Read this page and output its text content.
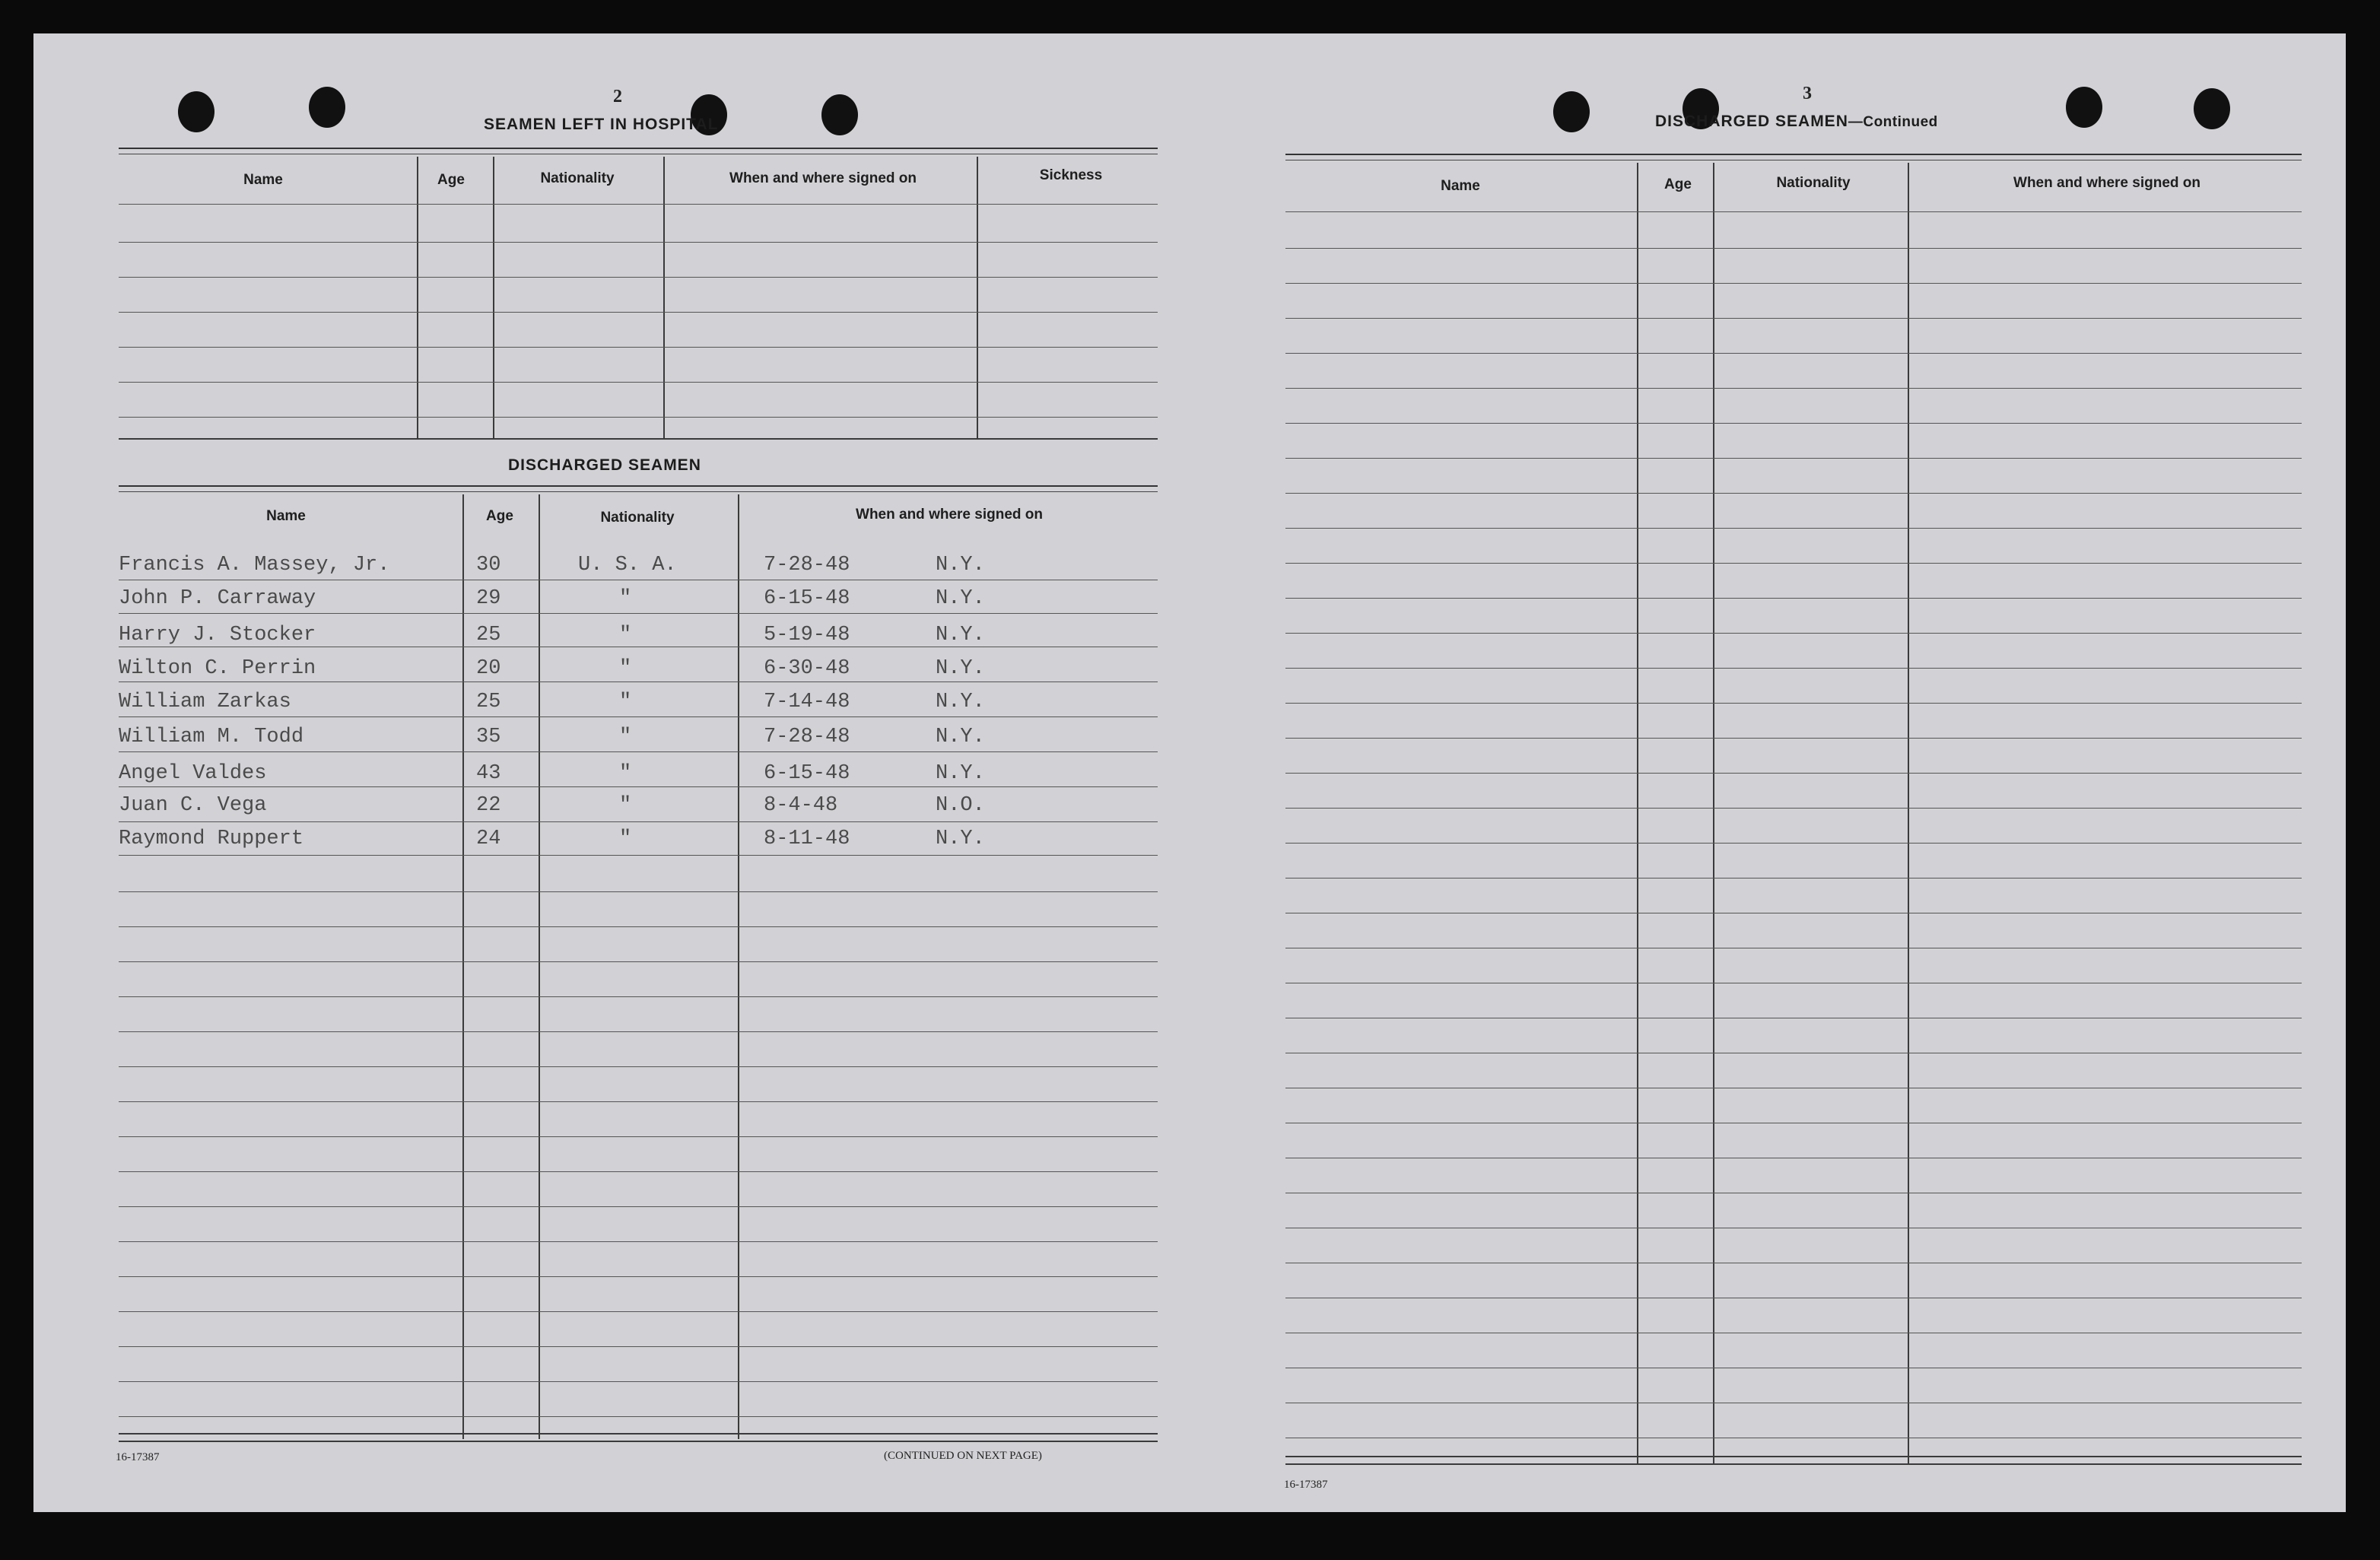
2
SEAMEN LEFT IN HOSPITAL
Name	Age	Nationality	When and where signed on	Sickness
DISCHARGED SEAMEN
Name	Age	Nationality	When and where signed on
Francis A. Massey, Jr.	30	U. S. A.	7-28-48	N.Y.
John P. Carraway	29	"	6-15-48	N.Y.
Harry J. Stocker	25	"	5-19-48	N.Y.
Wilton C. Perrin	20	"	6-30-48	N.Y.
William Zarkas	25	"	7-14-48	N.Y.
William M. Todd	35	"	7-28-48	N.Y.
Angel Valdes	43	"	6-15-48	N.Y.
Juan C. Vega	22	"	8-4-48	N.O.
Raymond Ruppert	24	"	8-11-48	N.Y.
16-17387	(CONTINUED ON NEXT PAGE)
3
DISCHARGED SEAMEN—Continued
Name	Age	Nationality	When and where signed on
16-17387
